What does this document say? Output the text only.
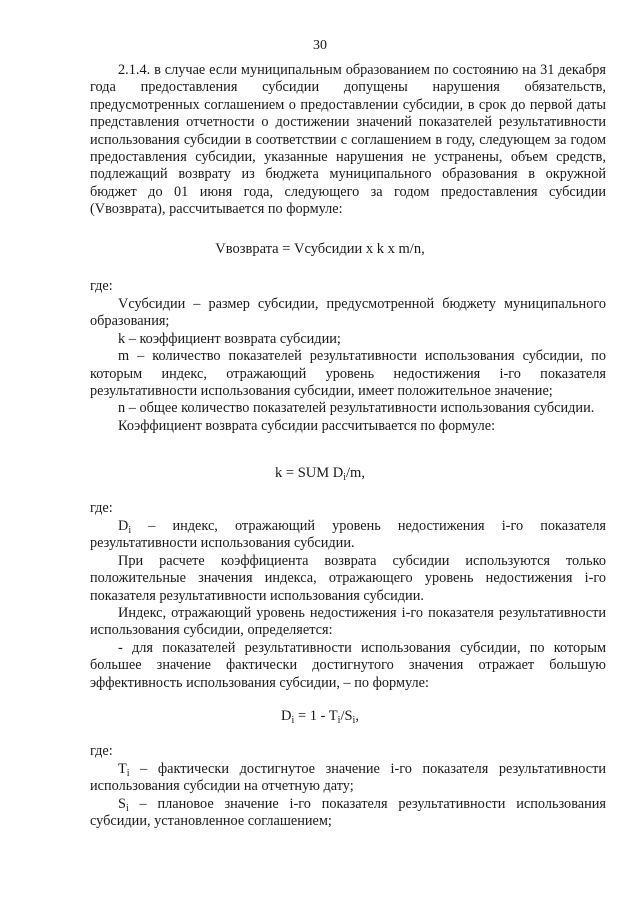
30

2.1.4. в случае если муниципальным образованием по состоянию на 31 декабря года предоставления субсидии допущены нарушения обязательств, предусмотренных соглашением о предоставлении субсидии, в срок до первой даты представления отчетности о достижении значений показателей результативности использования субсидии в соответствии с соглашением в году, следующем за годом предоставления субсидии, указанные нарушения не устранены, объем средств, подлежащий возврату из бюджета муниципального образования в окружной бюджет до 01 июня года, следующего за годом предоставления субсидии (Vвозврата), рассчитывается по формуле:

Vвозврата = Vсубсидии x k x m/n,
где:

Vсубсидии – размер субсидии, предусмотренной бюджету муниципального образования;

k – коэффициент возврата субсидии;

m – количество показателей результативности использования субсидии, по которым индекс, отражающий уровень недостижения i-го показателя результативности использования субсидии, имеет положительное значение;

n – общее количество показателей результативности использования субсидии.

Коэффициент возврата субсидии рассчитывается по формуле:

k = SUM $D_i/m$,
где:

$D_i$ – индекс, отражающий уровень недостижения i-го показателя результативности использования субсидии.

При расчете коэффициента возврата субсидии используются только положительные значения индекса, отражающего уровень недостижения i-го показателя результативности использования субсидии.

Индекс, отражающий уровень недостижения i-го показателя результативности использования субсидии, определяется:

- для показателей результативности использования субсидии, по которым большее значение фактически достигнутого значения отражает большую эффективность использования субсидии, – по формуле:

$D_i = 1 - T_i/S_i$,
где:

$T_i$ – фактически достигнутое значение i-го показателя результативности использования субсидии на отчетную дату;

$S_i$ – плановое значение i-го показателя результативности использования субсидии, установленное соглашением;
